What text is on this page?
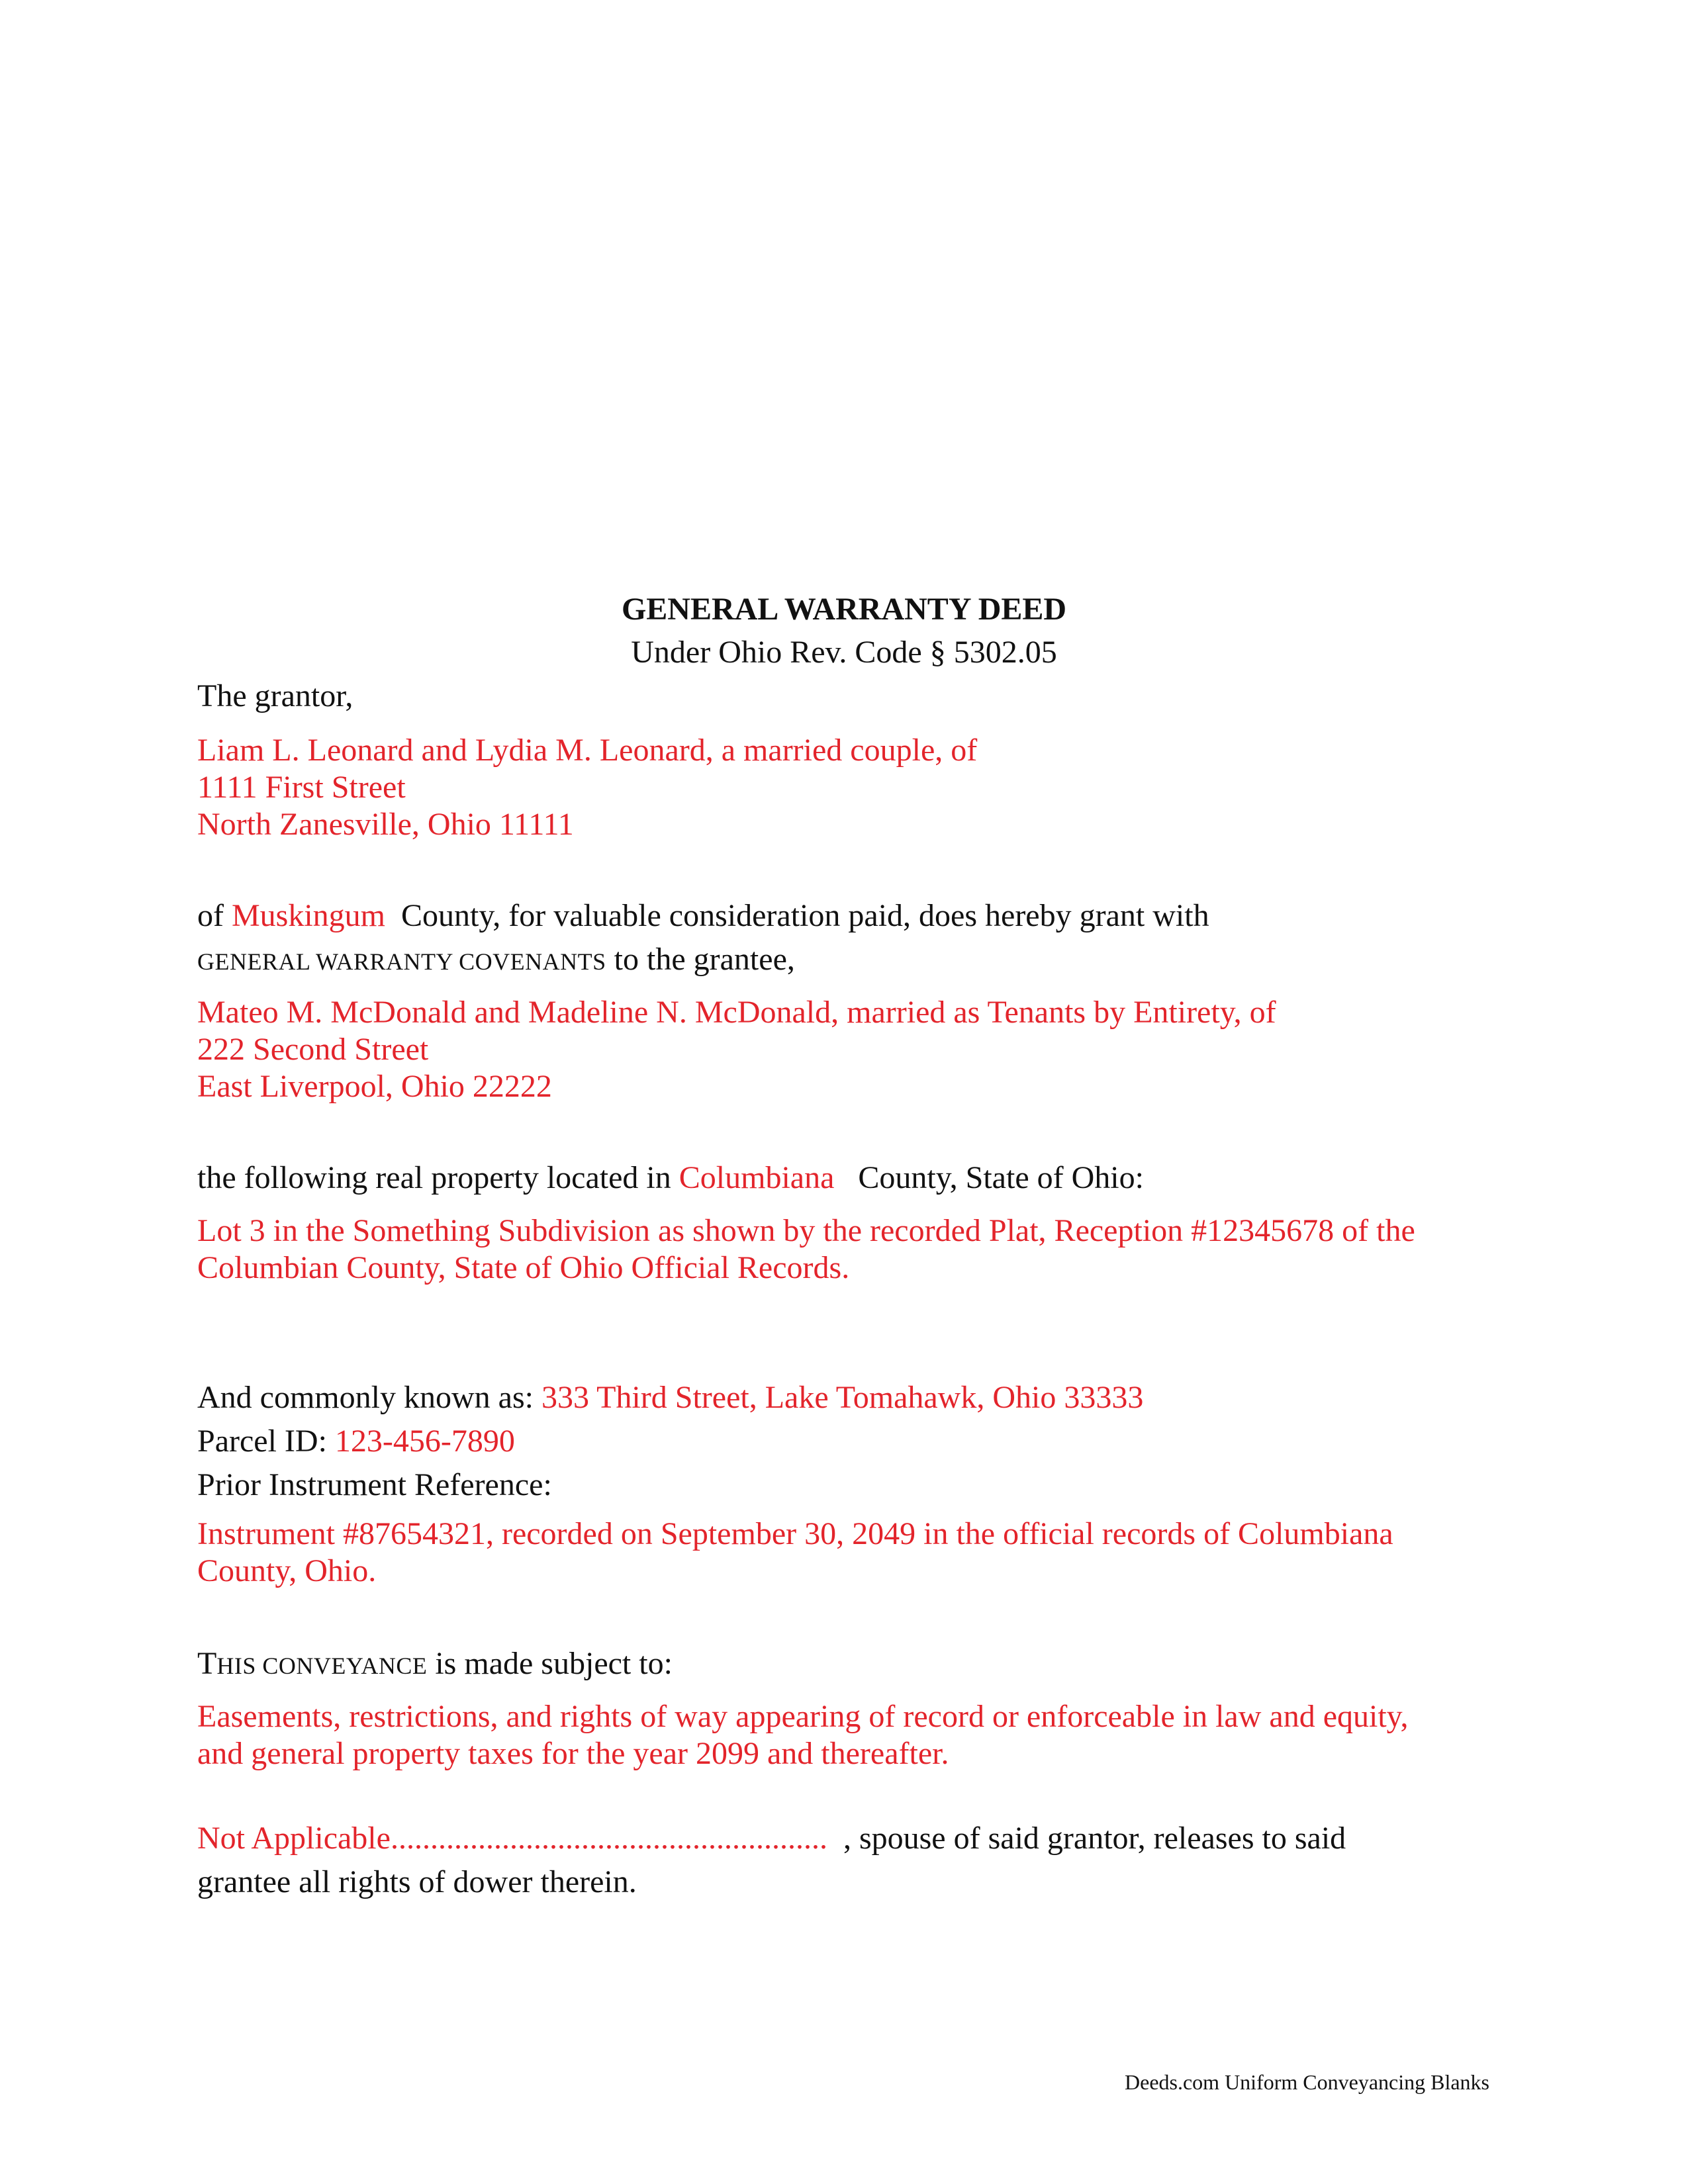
GENERAL WARRANTY DEED
Under Ohio Rev. Code § 5302.05
The grantor,
Liam L. Leonard and Lydia M. Leonard, a married couple, of
1111 First Street
North Zanesville, Ohio 11111
of Muskingum County, for valuable consideration paid, does hereby grant with
GENERAL WARRANTY COVENANTS to the grantee,
Mateo M. McDonald and Madeline N. McDonald, married as Tenants by Entirety, of
222 Second Street
East Liverpool, Ohio 22222
the following real property located in Columbiana County, State of Ohio:
Lot 3 in the Something Subdivision as shown by the recorded Plat, Reception #12345678 of the
Columbian County, State of Ohio Official Records.
And commonly known as: 333 Third Street, Lake Tomahawk, Ohio 33333
Parcel ID: 123-456-7890
Prior Instrument Reference:
Instrument #87654321, recorded on September 30, 2049 in the official records of Columbiana
County, Ohio.
THIS CONVEYANCE is made subject to:
Easements, restrictions, and rights of way appearing of record or enforceable in law and equity,
and general property taxes for the year 2099 and thereafter.
Not Applicable....................................................... , spouse of said grantor, releases to said
grantee all rights of dower therein.
Deeds.com Uniform Conveyancing Blanks
